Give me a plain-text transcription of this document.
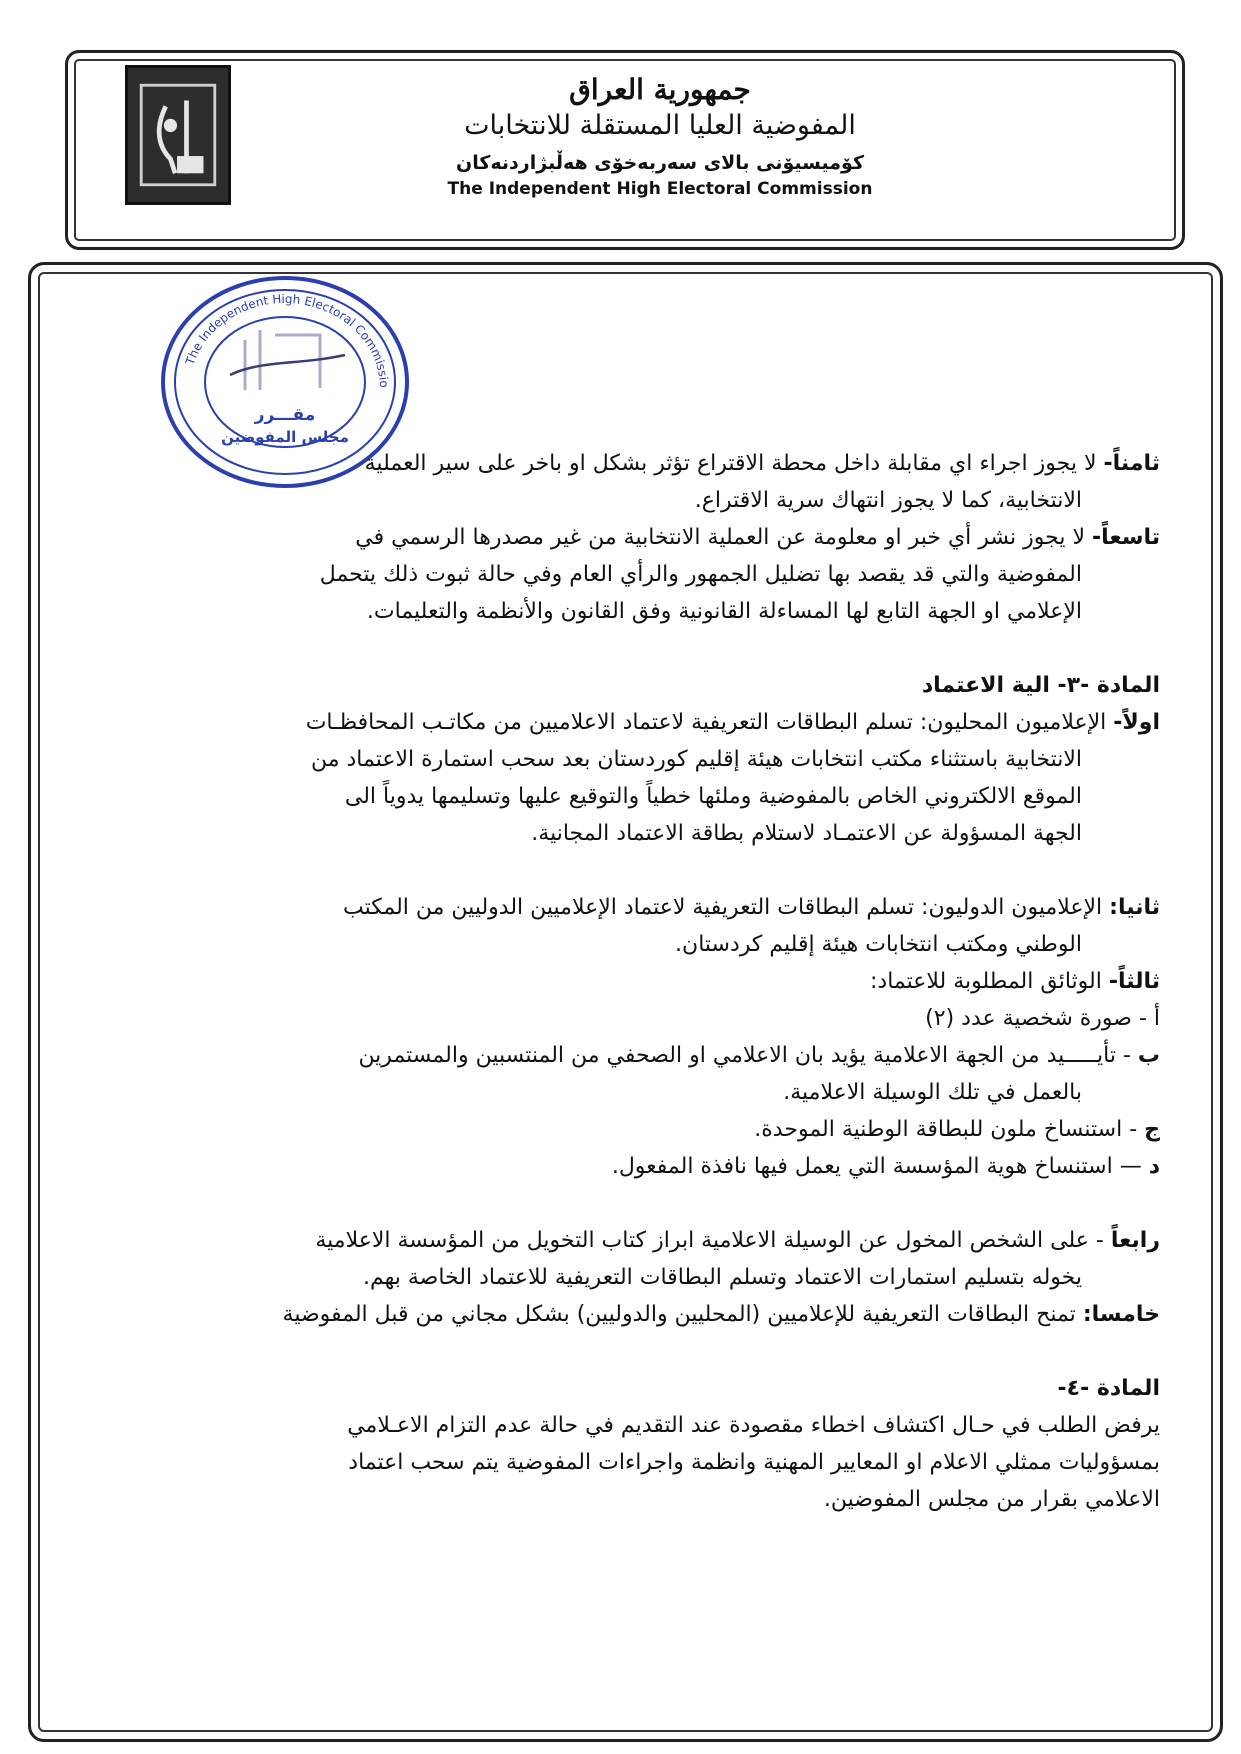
جمهورية العراق
المفوضية العليا المستقلة للانتخابات
كۆمیسیۆنی بالای سەربەخۆی هەڵبژاردنەكان
The Independent High Electoral Commission
The Independent High Electoral Commissio
مقـــرر
مجلس المفوضين

ثامناً- لا يجوز اجراء اي مقابلة داخل محطة الاقتراع تؤثر بشكل او باخر على سير العملية

الانتخابية، كما لا يجوز انتهاك سرية الاقتراع.

تاسعاً- لا يجوز نشر أي خبر او معلومة عن العملية الانتخابية من غير مصدرها الرسمي في

المفوضية والتي قد يقصد بها تضليل الجمهور والرأي العام وفي حالة ثبوت ذلك يتحمل

الإعلامي او الجهة التابع لها المساءلة القانونية وفق القانون والأنظمة والتعليمات.

المادة -٣- الية الاعتماد

اولاً- الإعلاميون المحليون: تسلم البطاقات التعريفية لاعتماد الاعلاميين من مكاتـب المحافظـات

الانتخابية باستثناء مكتب انتخابات هيئة إقليم كوردستان بعد سحب استمارة الاعتماد من

الموقع الالكتروني الخاص بالمفوضية وملئها خطياً والتوقيع عليها وتسليمها يدوياً الى

الجهة المسؤولة عن الاعتمـاد لاستلام بطاقة الاعتماد المجانية.

ثانيا: الإعلاميون الدوليون: تسلم البطاقات التعريفية لاعتماد الإعلاميين الدوليين من المكتب

الوطني ومكتب انتخابات هيئة إقليم كردستان.

ثالثاً- الوثائق المطلوبة للاعتماد:

أ - صورة شخصية عدد (٢)

ب - تأيـــــيد من الجهة الاعلامية يؤيد بان الاعلامي او الصحفي من المنتسبين والمستمرين

بالعمل في تلك الوسيلة الاعلامية.

ج - استنساخ ملون للبطاقة الوطنية الموحدة.

د — استنساخ هوية المؤسسة التي يعمل فيها نافذة المفعول.

رابعاً - على الشخص المخول عن الوسيلة الاعلامية ابراز كتاب التخويل من المؤسسة الاعلامية

يخوله بتسليم استمارات الاعتماد وتسلم البطاقات التعريفية للاعتماد الخاصة بهم.

خامسا: تمنح البطاقات التعريفية للإعلاميين (المحليين والدوليين) بشكل مجاني من قبل المفوضية

المادة -٤-

يرفض الطلب في حـال اكتشاف اخطاء مقصودة عند التقديم في حالة عدم التزام الاعـلامي

بمسؤوليات ممثلي الاعلام او المعايير المهنية وانظمة واجراءات المفوضية يتم سحب اعتماد

الاعلامي بقرار من مجلس المفوضين.
